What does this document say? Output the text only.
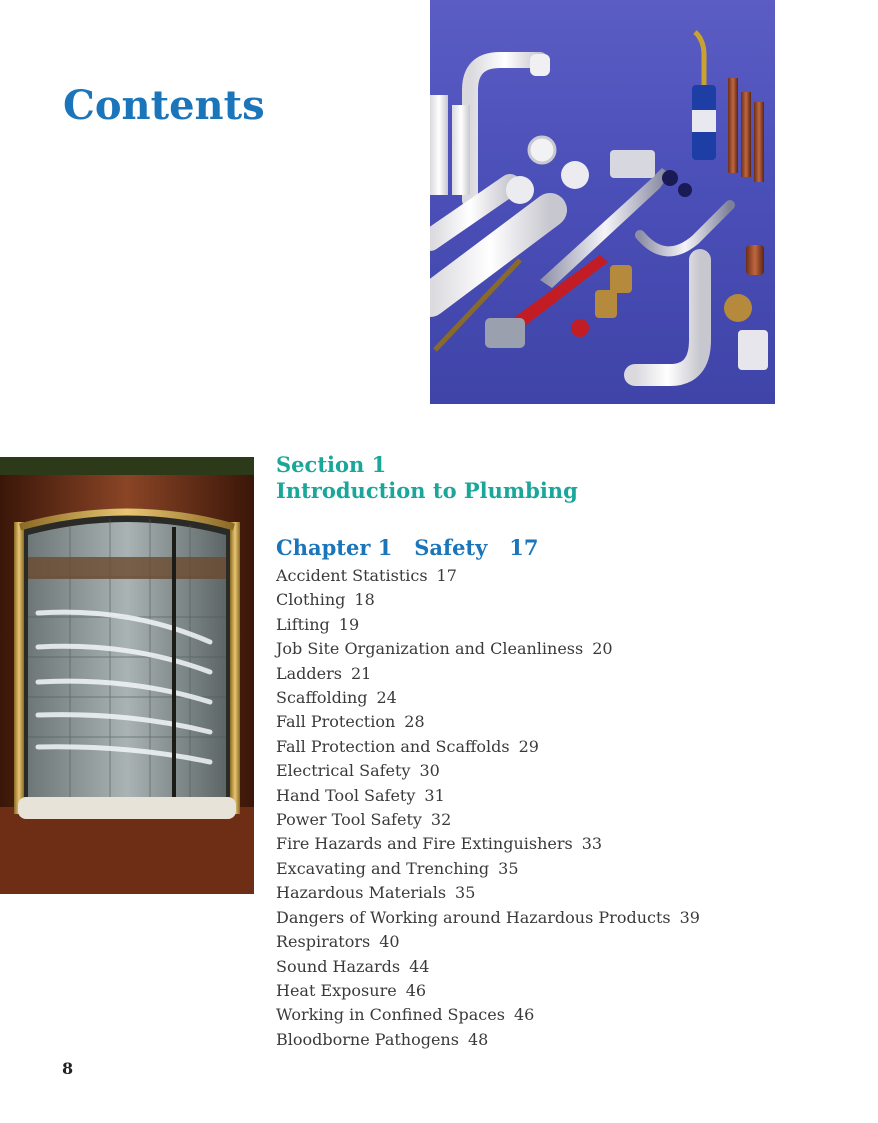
Contents
Section 1
Introduction to Plumbing
Chapter 1 Safety 17
Accident Statistics 17
Clothing 18
Lifting 19
Job Site Organization and Cleanliness 20
Ladders 21
Scaffolding 24
Fall Protection 28
Fall Protection and Scaffolds 29
Electrical Safety 30
Hand Tool Safety 31
Power Tool Safety 32
Fire Hazards and Fire Extinguishers 33
Excavating and Trenching 35
Hazardous Materials 35
Dangers of Working around Hazardous Products 39
Respirators 40
Sound Hazards 44
Heat Exposure 46
Working in Confined Spaces 46
Bloodborne Pathogens 48
8
